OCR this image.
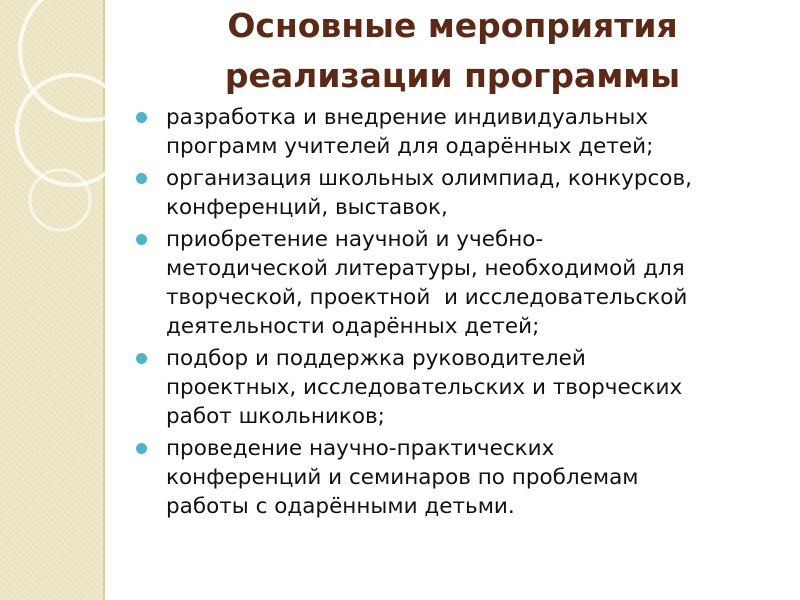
Основные мероприятия
реализации программы
разработка и внедрение индивидуальных
программ учителей для одарённых детей;
организация школьных олимпиад, конкурсов,
конференций, выставок,
приобретение научной и учебно-
методической литературы, необходимой для
творческой, проектной  и исследовательской
деятельности одарённых детей;
подбор и поддержка руководителей
проектных, исследовательских и творческих
работ школьников;
проведение научно-практических
конференций и семинаров по проблемам
работы с одарёнными детьми.
